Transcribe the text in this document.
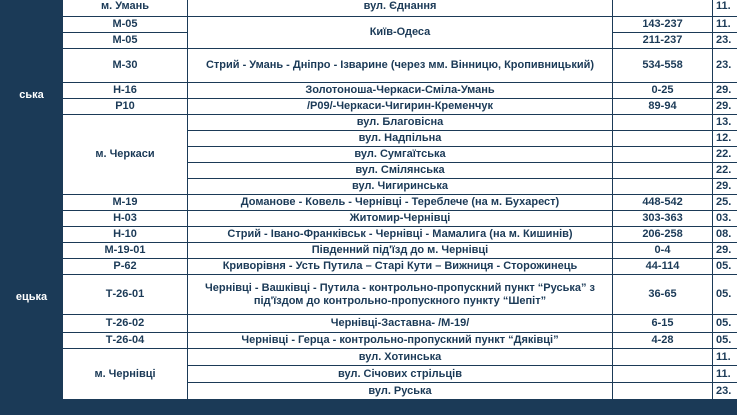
ська	м. Умань	вул. Єднання		11.
	М-05	Київ-Одеса	143-237	11.
	М-05		211-237	23.
	М-30	Стрий - Умань - Дніпро - Ізварине (через мм. Вінницю, Кропивницький)	534-558	23.
	Н-16	Золотоноша-Черкаси-Сміла-Умань	0-25	29.
	Р10	/Р09/-Черкаси-Чигирин-Кременчук	89-94	29.
	м. Черкаси	вул. Благовісна		13.
		вул. Надпільна		12.
		вул. Сумгаїтська		22.
		вул. Смілянська		22.
		вул. Чигиринська		29.

ецька	М-19	Доманове - Ковель - Чернівці - Тереблече (на м. Бухарест)	448-542	25.
	Н-03	Житомир-Чернівці	303-363	03.
	Н-10	Стрий - Івано-Франківськ - Чернівці - Мамалига (на м. Кишинів)	206-258	08.
	М-19-01	Південний під'їзд до м. Чернівці	0-4	29.
	Р-62	Криворівня - Усть Путила – Старі Кути – Вижниця - Сторожинець	44-114	05.
	Т-26-01	Чернівці - Вашківці - Путила - контрольно-пропускний пункт “Руська” з під'їздом до контрольно-пропускного пункту “Шепіт”	36-65	05.
	Т-26-02	Чернівці-Заставна- /М-19/	6-15	05.
	Т-26-04	Чернівці - Герца - контрольно-пропускний пункт “Дяківці”	4-28	05.
	м. Чернівці	вул. Хотинська		11.
		вул. Січових стрільців		11.
		вул. Руська		23.
